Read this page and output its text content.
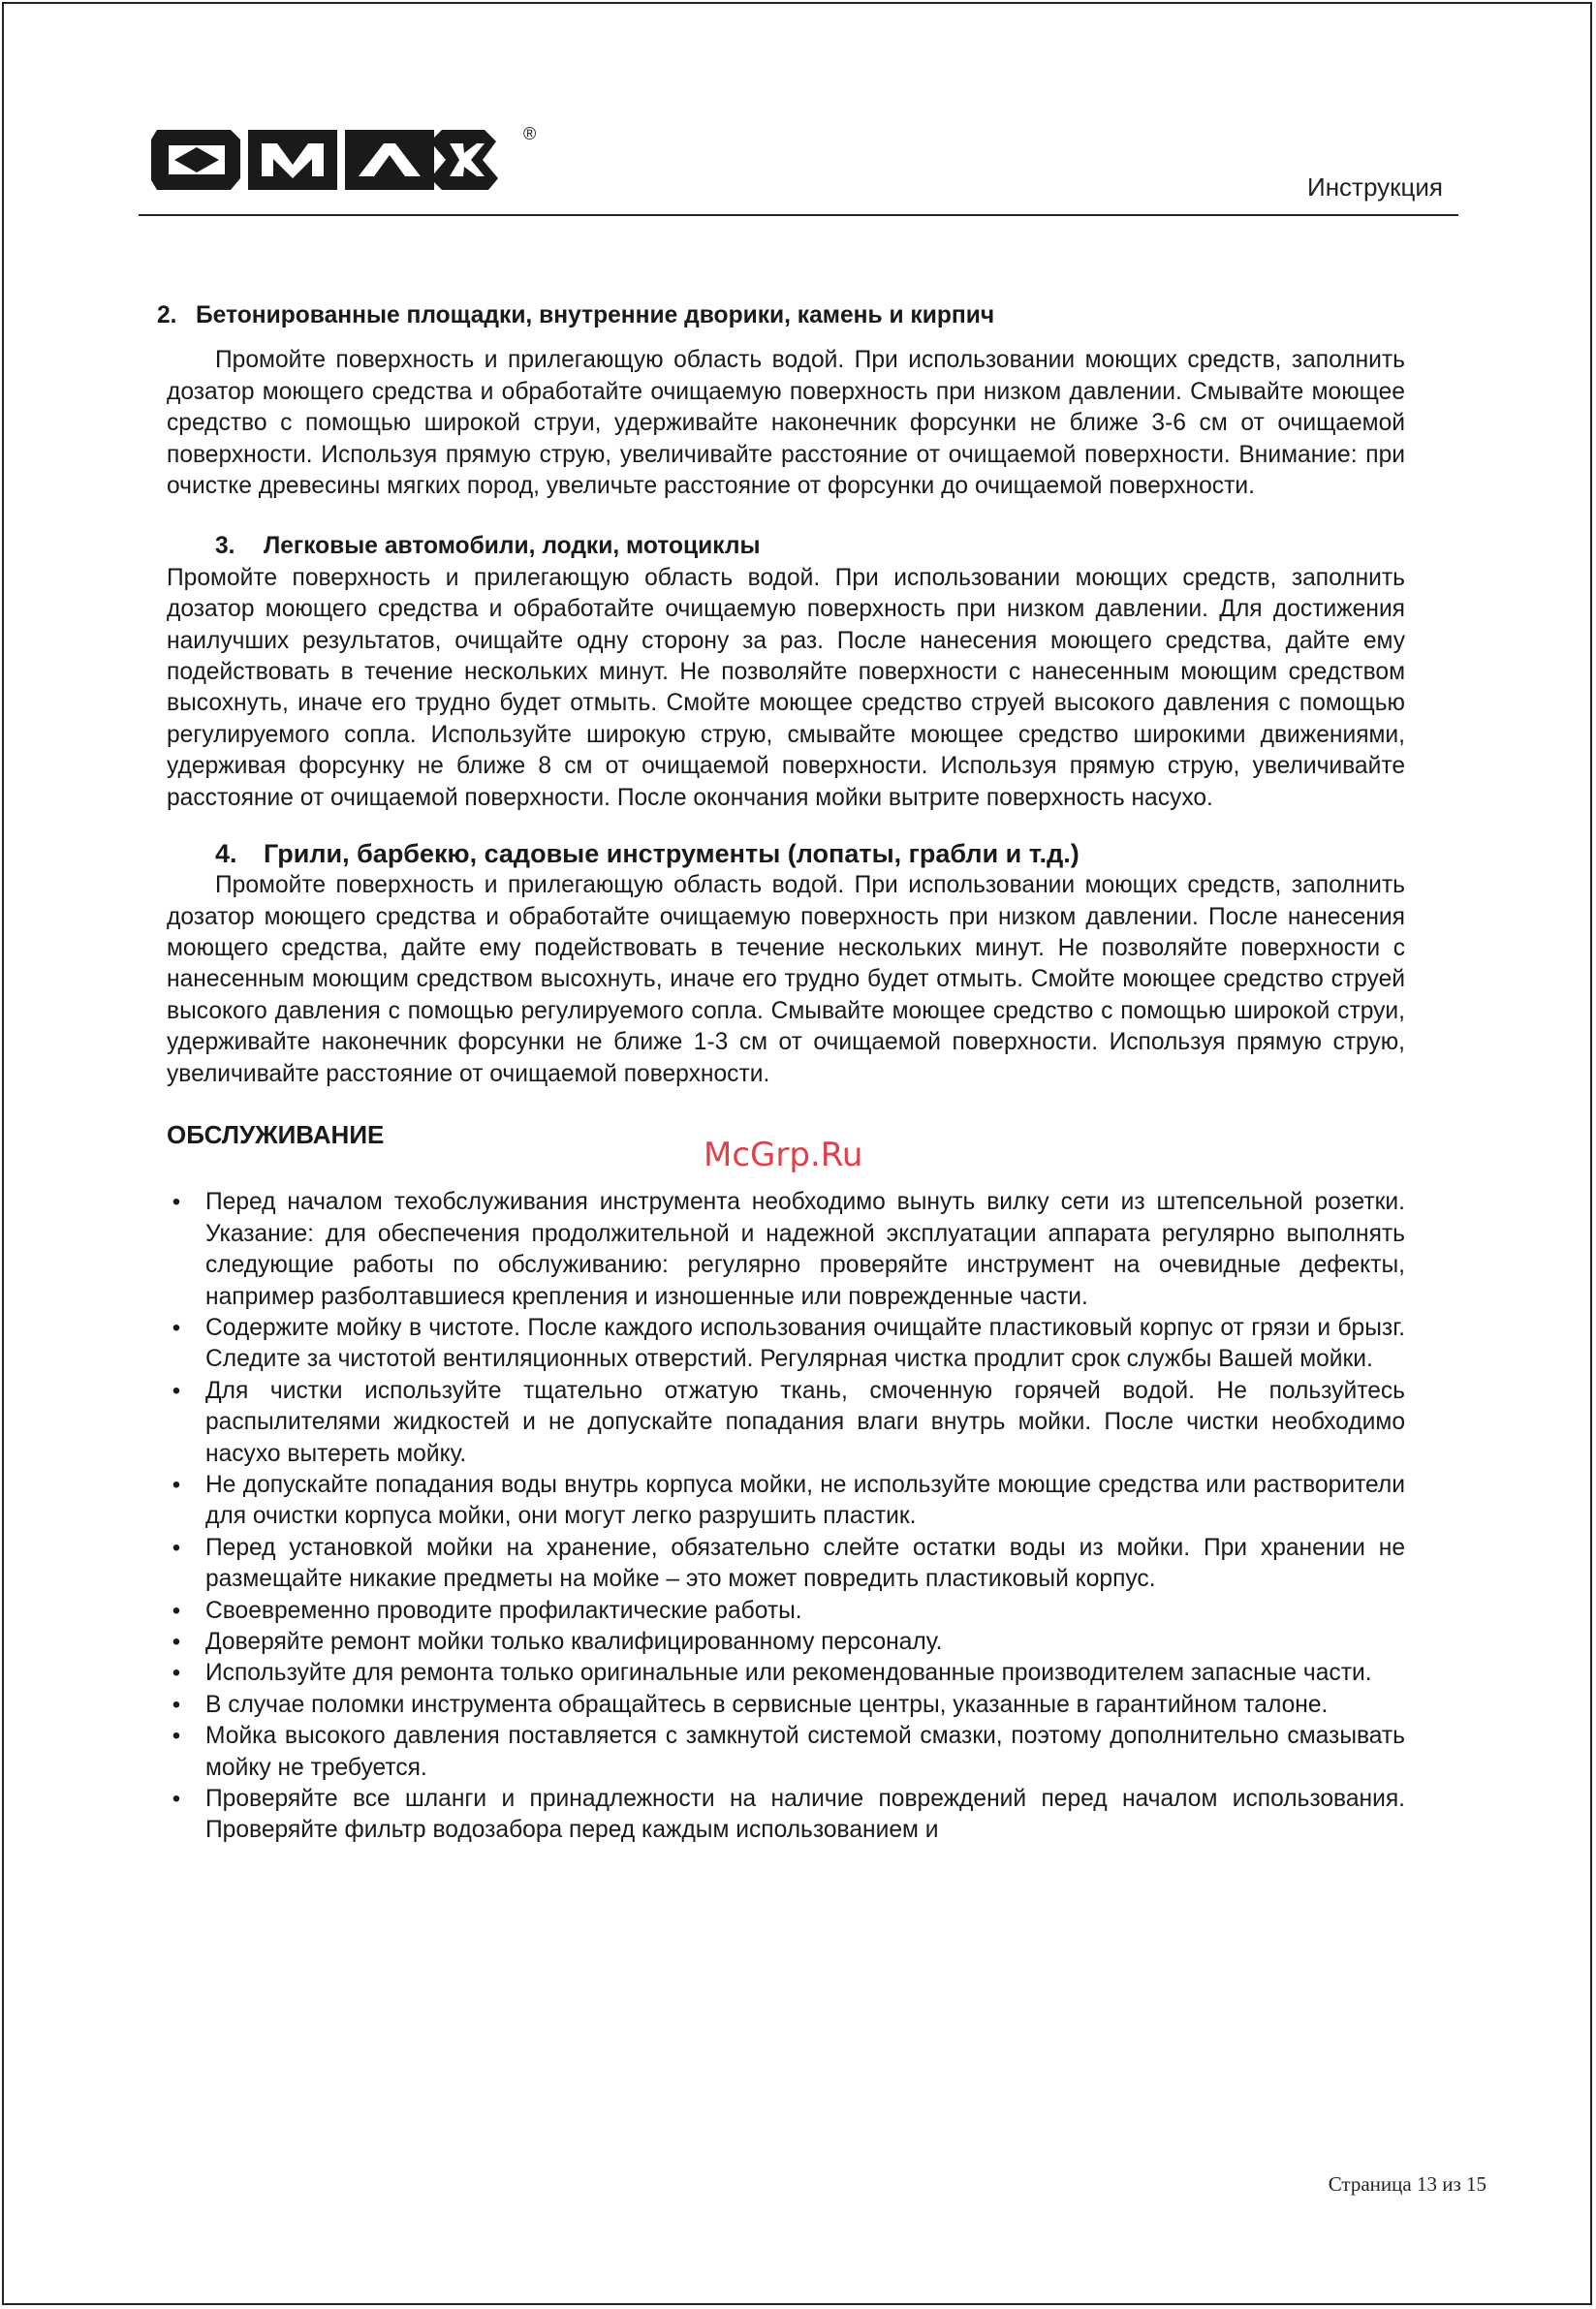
®
Инструкция
2. Бетонированные площадки, внутренние дворики, камень и кирпич

Промойте поверхность и прилегающую область водой. При использовании моющих средств, заполнить дозатор моющего средства и обработайте очищаемую поверхность при низком давлении. Смывайте моющее средство с помощью широкой струи, удерживайте наконечник форсунки не ближе 3-6 см от очищаемой поверхности. Используя прямую струю, увеличивайте расстояние от очищаемой поверхности. Внимание: при очистке древесины мягких пород, увеличьте расстояние от форсунки до очищаемой поверхности.

3. Легковые автомобили, лодки, мотоциклы

Промойте поверхность и прилегающую область водой. При использовании моющих средств, заполнить дозатор моющего средства и обработайте очищаемую поверхность при низком давлении. Для достижения наилучших результатов, очищайте одну сторону за раз. После нанесения моющего средства, дайте ему подействовать в течение нескольких минут. Не позволяйте поверхности с нанесенным моющим средством высохнуть, иначе его трудно будет отмыть. Смойте моющее средство струей высокого давления с помощью регулируемого сопла. Используйте широкую струю, смывайте моющее средство широкими движениями, удерживая форсунку не ближе 8 см от очищаемой поверхности. Используя прямую струю, увеличивайте расстояние от очищаемой поверхности. После окончания мойки вытрите поверхность насухо.

4. Грили, барбекю, садовые инструменты (лопаты, грабли и т.д.)

Промойте поверхность и прилегающую область водой. При использовании моющих средств, заполнить дозатор моющего средства и обработайте очищаемую поверхность при низком давлении. После нанесения моющего средства, дайте ему подействовать в течение нескольких минут. Не позволяйте поверхности с нанесенным моющим средством высохнуть, иначе его трудно будет отмыть. Смойте моющее средство струей высокого давления с помощью регулируемого сопла. Смывайте моющее средство с помощью широкой струи, удерживайте наконечник форсунки не ближе 1-3 см от очищаемой поверхности. Используя прямую струю, увеличивайте расстояние от очищаемой поверхности.

ОБСЛУЖИВАНИЕ
• Перед началом техобслуживания инструмента необходимо вынуть вилку сети из штепсельной розетки. Указание: для обеспечения продолжительной и надежной эксплуатации аппарата регулярно выполнять следующие работы по обслуживанию: регулярно проверяйте инструмент на очевидные дефекты, например разболтавшиеся крепления и изношенные или поврежденные части.
• Содержите мойку в чистоте. После каждого использования очищайте пластиковый корпус от грязи и брызг. Следите за чистотой вентиляционных отверстий. Регулярная чистка продлит срок службы Вашей мойки.
• Для чистки используйте тщательно отжатую ткань, смоченную горячей водой. Не пользуйтесь распылителями жидкостей и не допускайте попадания влаги внутрь мойки. После чистки необходимо насухо вытереть мойку.
• Не допускайте попадания воды внутрь корпуса мойки, не используйте моющие средства или растворители для очистки корпуса мойки, они могут легко разрушить пластик.
• Перед установкой мойки на хранение, обязательно слейте остатки воды из мойки. При хранении не размещайте никакие предметы на мойке – это может повредить пластиковый корпус.
• Своевременно проводите профилактические работы.
• Доверяйте ремонт мойки только квалифицированному персоналу.
• Используйте для ремонта только оригинальные или рекомендованные производителем запасные части.
• В случае поломки инструмента обращайтесь в сервисные центры, указанные в гарантийном талоне.
• Мойка высокого давления поставляется с замкнутой системой смазки, поэтому дополнительно смазывать мойку не требуется.
• Проверяйте все шланги и принадлежности на наличие повреждений перед началом использования. Проверяйте фильтр водозабора перед каждым использованием и
McGrp.Ru
Страница 13 из 15
